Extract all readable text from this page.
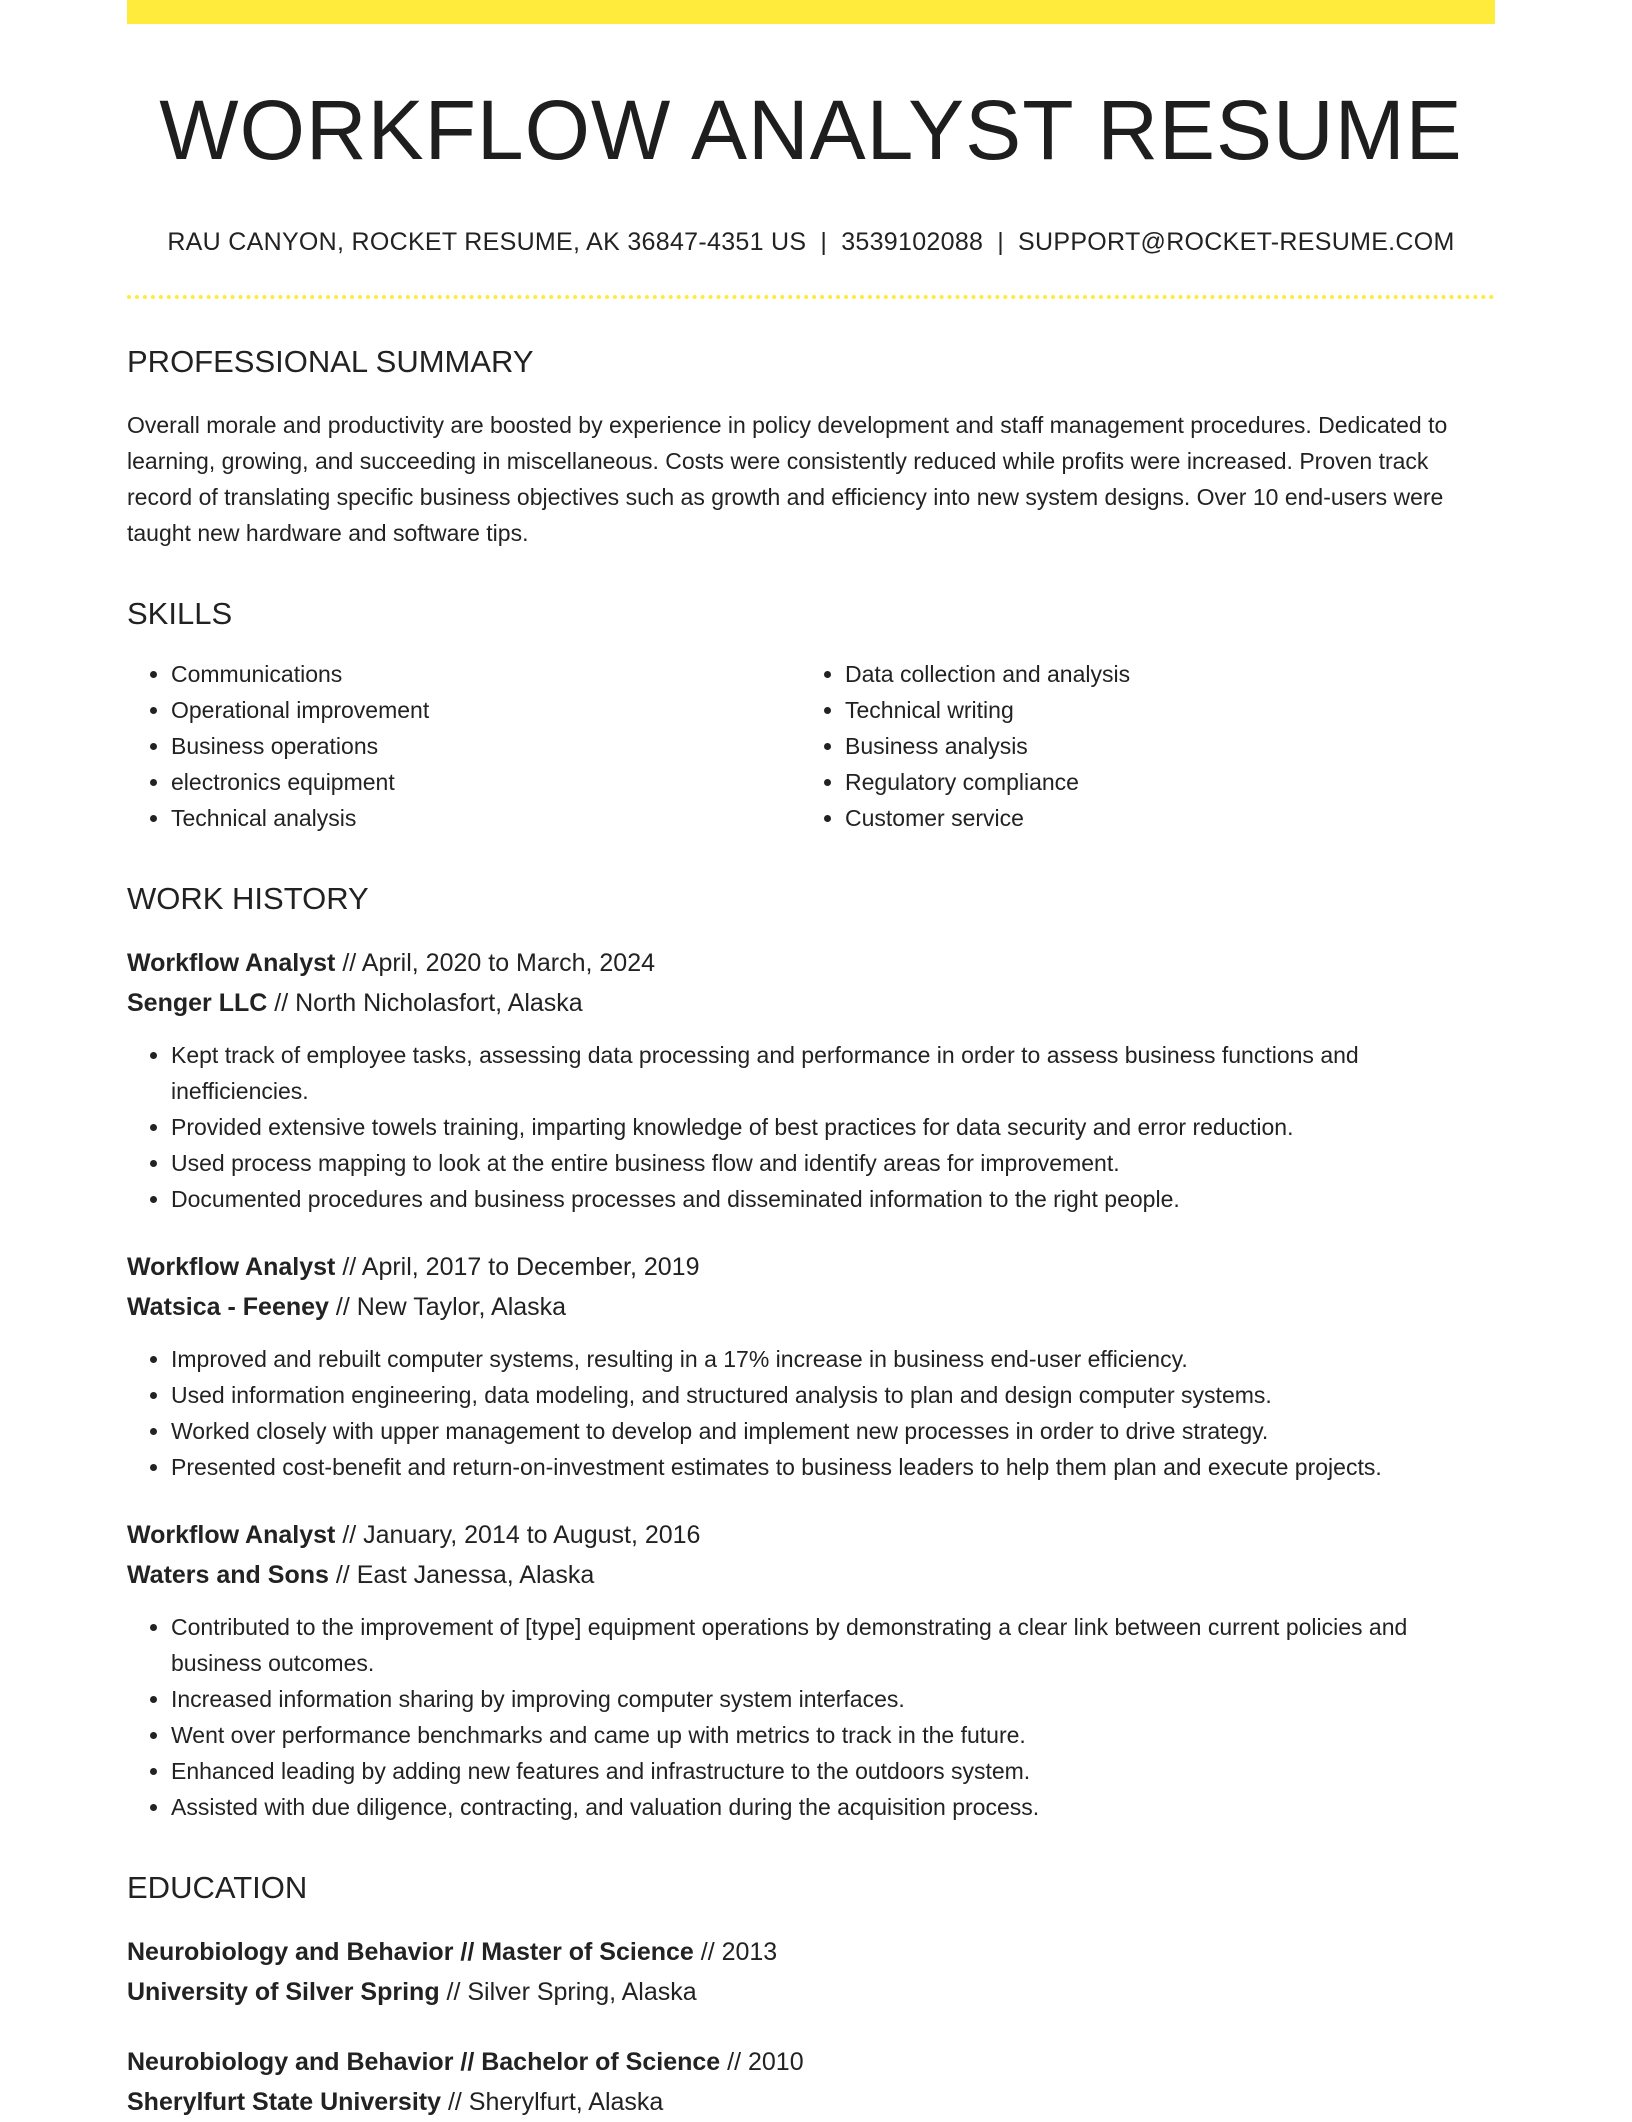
WORKFLOW ANALYST RESUME
RAU CANYON, ROCKET RESUME, AK 36847-4351 US | 3539102088 | SUPPORT@ROCKET-RESUME.COM
PROFESSIONAL SUMMARY

Overall morale and productivity are boosted by experience in policy development and staff management procedures. Dedicated to learning, growing, and succeeding in miscellaneous. Costs were consistently reduced while profits were increased. Proven track record of translating specific business objectives such as growth and efficiency into new system designs. Over 10 end-users were taught new hardware and software tips.

SKILLS
• Communications
• Operational improvement
• Business operations
• electronics equipment
• Technical analysis
• Data collection and analysis
• Technical writing
• Business analysis
• Regulatory compliance
• Customer service
WORK HISTORY
Workflow Analyst // April, 2020 to March, 2024
Senger LLC // North Nicholasfort, Alaska
• Kept track of employee tasks, assessing data processing and performance in order to assess business functions and inefficiencies.
• Provided extensive towels training, imparting knowledge of best practices for data security and error reduction.
• Used process mapping to look at the entire business flow and identify areas for improvement.
• Documented procedures and business processes and disseminated information to the right people.
Workflow Analyst // April, 2017 to December, 2019
Watsica - Feeney // New Taylor, Alaska
• Improved and rebuilt computer systems, resulting in a 17% increase in business end-user efficiency.
• Used information engineering, data modeling, and structured analysis to plan and design computer systems.
• Worked closely with upper management to develop and implement new processes in order to drive strategy.
• Presented cost-benefit and return-on-investment estimates to business leaders to help them plan and execute projects.
Workflow Analyst // January, 2014 to August, 2016
Waters and Sons // East Janessa, Alaska
• Contributed to the improvement of [type] equipment operations by demonstrating a clear link between current policies and business outcomes.
• Increased information sharing by improving computer system interfaces.
• Went over performance benchmarks and came up with metrics to track in the future.
• Enhanced leading by adding new features and infrastructure to the outdoors system.
• Assisted with due diligence, contracting, and valuation during the acquisition process.
EDUCATION
Neurobiology and Behavior // Master of Science // 2013
University of Silver Spring // Silver Spring, Alaska
Neurobiology and Behavior // Bachelor of Science // 2010
Sherylfurt State University // Sherylfurt, Alaska
